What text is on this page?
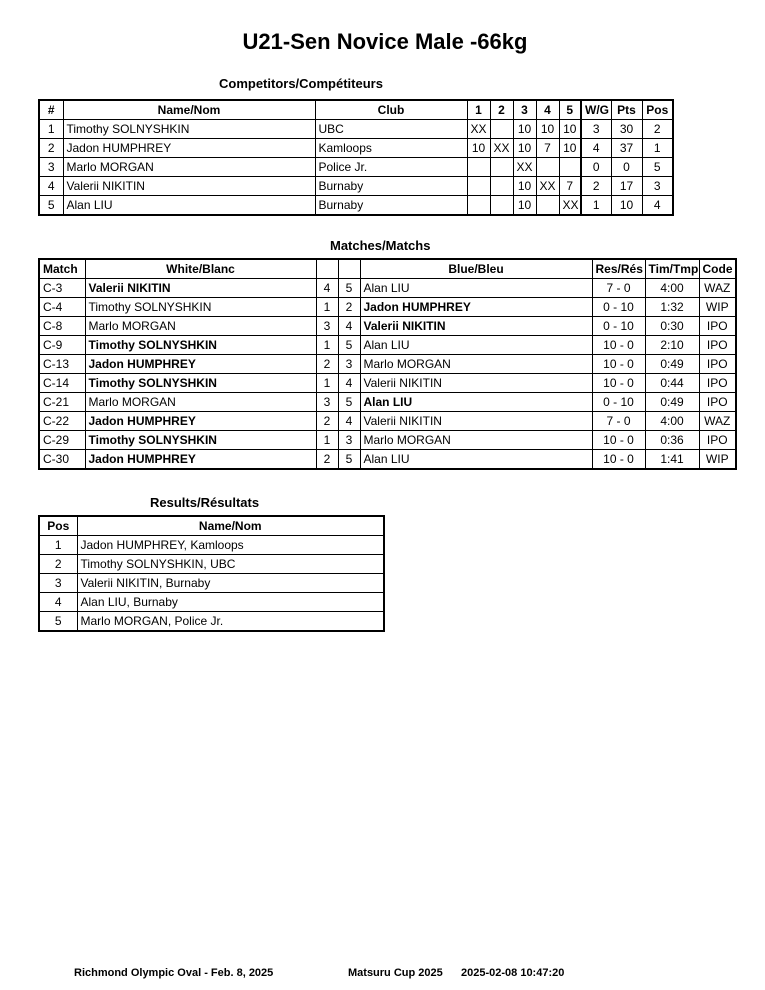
U21-Sen Novice Male -66kg
Competitors/Compétiteurs
#	Name/Nom	Club	1	2	3	4	5	W/G	Pts	Pos
1	Timothy SOLNYSHKIN	UBC	XX		10	10	10	3	30	2
2	Jadon HUMPHREY	Kamloops	10	XX	10	7	10	4	37	1
3	Marlo MORGAN	Police Jr.			XX			0	0	5
4	Valerii NIKITIN	Burnaby			10	XX	7	2	17	3
5	Alan LIU	Burnaby			10		XX	1	10	4
Matches/Matchs
Match	White/Blanc			Blue/Bleu	Res/Rés	Tim/Tmp	Code
C-3	Valerii NIKITIN	4	5	Alan LIU	7 - 0	4:00	WAZ
C-4	Timothy SOLNYSHKIN	1	2	Jadon HUMPHREY	0 - 10	1:32	WIP
C-8	Marlo MORGAN	3	4	Valerii NIKITIN	0 - 10	0:30	IPO
C-9	Timothy SOLNYSHKIN	1	5	Alan LIU	10 - 0	2:10	IPO
C-13	Jadon HUMPHREY	2	3	Marlo MORGAN	10 - 0	0:49	IPO
C-14	Timothy SOLNYSHKIN	1	4	Valerii NIKITIN	10 - 0	0:44	IPO
C-21	Marlo MORGAN	3	5	Alan LIU	0 - 10	0:49	IPO
C-22	Jadon HUMPHREY	2	4	Valerii NIKITIN	7 - 0	4:00	WAZ
C-29	Timothy SOLNYSHKIN	1	3	Marlo MORGAN	10 - 0	0:36	IPO
C-30	Jadon HUMPHREY	2	5	Alan LIU	10 - 0	1:41	WIP
Results/Résultats
Pos	Name/Nom
1	Jadon HUMPHREY, Kamloops
2	Timothy SOLNYSHKIN, UBC
3	Valerii NIKITIN, Burnaby
4	Alan LIU, Burnaby
5	Marlo MORGAN, Police Jr.
Richmond Olympic Oval - Feb. 8, 2025	Matsuru Cup 2025 2025-02-08 10:47:20
